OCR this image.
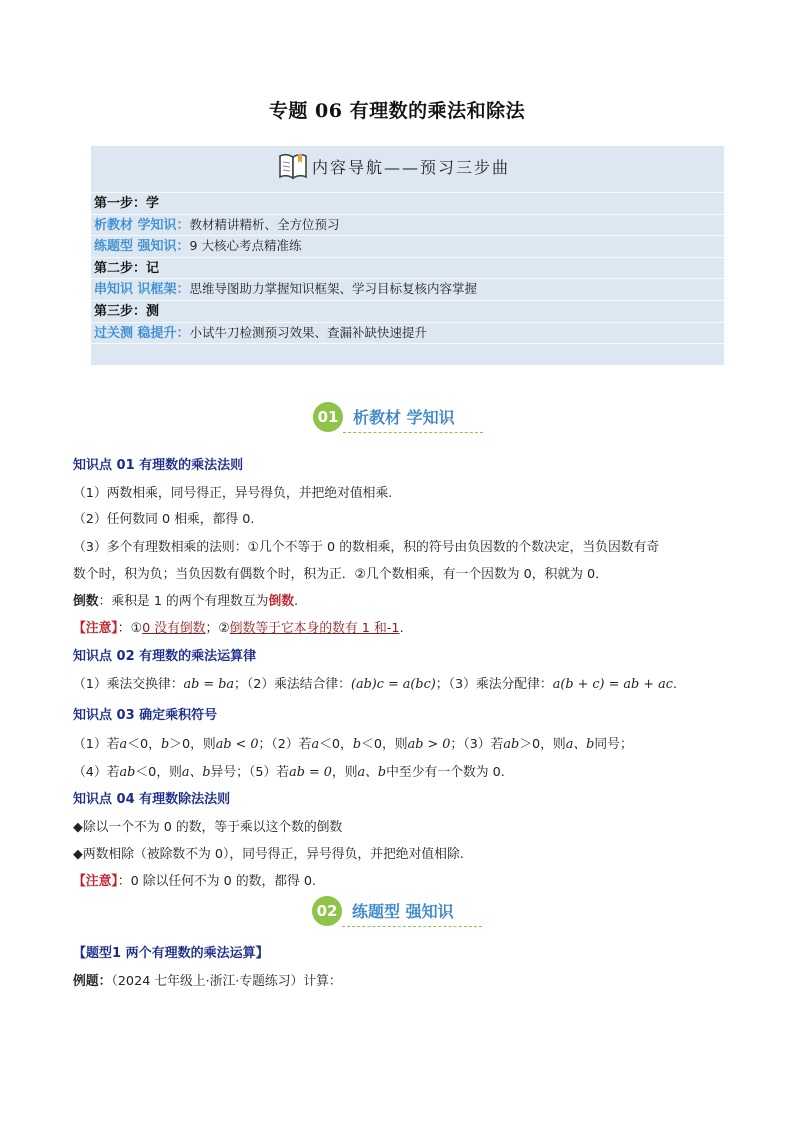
专题 06 有理数的乘法和除法
内容导航——预习三步曲
第一步：学
析教材 学知识：教材精讲精析、全方位预习
练题型 强知识：9 大核心考点精准练
第二步：记
串知识 识框架：思维导图助力掌握知识框架、学习目标复核内容掌握
第三步：测
过关测 稳提升：小试牛刀检测预习效果、查漏补缺快速提升
01 析教材 学知识
知识点 01 有理数的乘法法则
（1）两数相乘，同号得正，异号得负，并把绝对值相乘.
（2）任何数同 0 相乘，都得 0.
（3）多个有理数相乘的法则：①几个不等于 0 的数相乘，积的符号由负因数的个数决定，当负因数有奇
数个时，积为负；当负因数有偶数个时，积为正．②几个数相乘，有一个因数为 0，积就为 0．
倒数：乘积是 1 的两个有理数互为倒数.
【注意】：①0 没有倒数；②倒数等于它本身的数有 1 和-1.
知识点 02 有理数的乘法运算律
（1）乘法交换律：ab = ba；（2）乘法结合律：(ab)c = a(bc)；（3）乘法分配律：a(b + c) = ab + ac.
知识点 03 确定乘积符号
（1）若a＜0，b＞0，则ab < 0；（2）若a＜0，b＜0，则ab > 0；（3）若ab＞0，则a、b同号；
（4）若ab＜0，则a、b异号；（5）若ab = 0，则a、b中至少有一个数为 0.
知识点 04 有理数除法法则
◆除以一个不为 0 的数，等于乘以这个数的倒数
◆两数相除（被除数不为 0），同号得正，异号得负，并把绝对值相除.
【注意】：0 除以任何不为 0 的数，都得 0.
02 练题型 强知识
【题型1 两个有理数的乘法运算】
例题：（2024 七年级上·浙江·专题练习）计算：
